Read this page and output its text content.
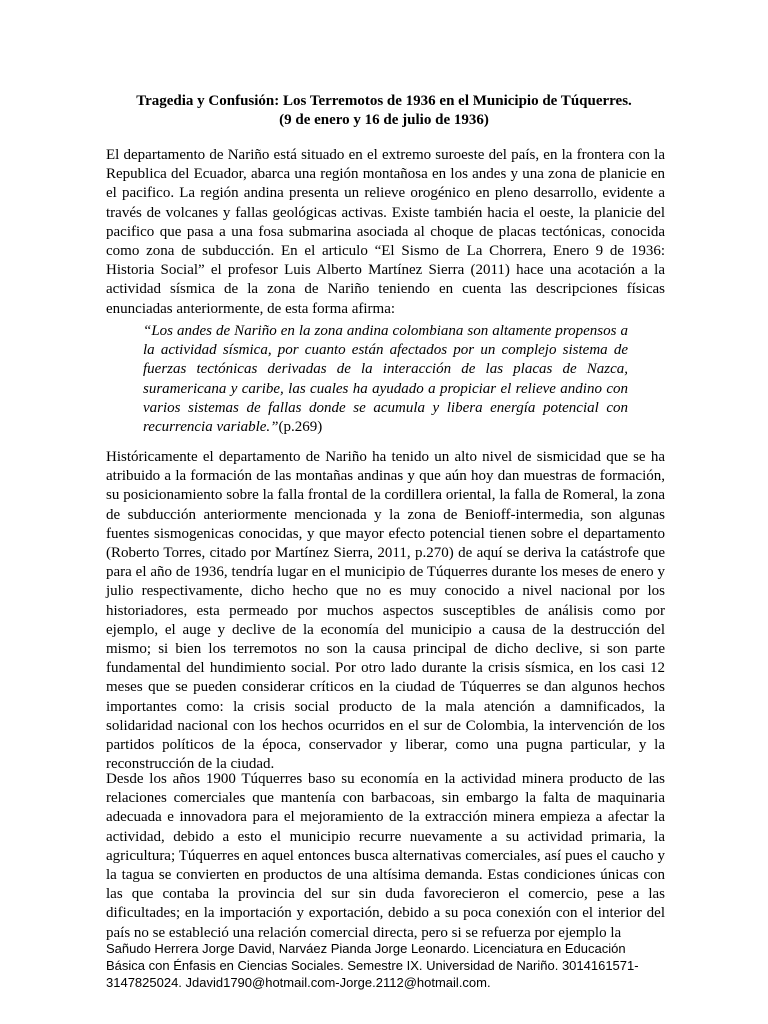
Tragedia y Confusión: Los Terremotos de 1936 en el Municipio de Túquerres.
(9 de enero y 16 de julio de 1936)

El departamento de Nariño está situado en el extremo suroeste del país, en la frontera con la Republica del Ecuador, abarca una región montañosa en los andes y una zona de planicie en el pacifico. La región andina presenta un relieve orogénico en pleno desarrollo, evidente a través de volcanes y fallas geológicas activas. Existe también hacia el oeste, la planicie del pacifico que pasa a una fosa submarina asociada al choque de placas tectónicas, conocida como zona de subducción. En el articulo “El Sismo de La Chorrera, Enero 9 de 1936: Historia Social” el profesor Luis Alberto Martínez Sierra (2011) hace una acotación a la actividad sísmica de la zona de Nariño teniendo en cuenta las descripciones físicas enunciadas anteriormente, de esta forma afirma:

“Los andes de Nariño en la zona andina colombiana son altamente propensos a la actividad sísmica, por cuanto están afectados por un complejo sistema de fuerzas tectónicas derivadas de la interacción de las placas de Nazca, suramericana y caribe, las cuales ha ayudado a propiciar el relieve andino con varios sistemas de fallas donde se acumula y libera energía potencial con recurrencia variable.”(p.269)

Históricamente el departamento de Nariño ha tenido un alto nivel de sismicidad que se ha atribuido a la formación de las montañas andinas y que aún hoy dan muestras de formación, su posicionamiento sobre la falla frontal de la cordillera oriental, la falla de Romeral, la zona de subducción anteriormente mencionada y la zona de Benioff-intermedia, son algunas fuentes sismogenicas conocidas, y que mayor efecto potencial tienen sobre el departamento (Roberto Torres, citado por Martínez Sierra, 2011, p.270) de aquí se deriva la catástrofe que para el año de 1936, tendría lugar en el municipio de Túquerres durante los meses de enero y julio respectivamente, dicho hecho que no es muy conocido a nivel nacional por los historiadores, esta permeado por muchos aspectos susceptibles de análisis como por ejemplo, el auge y declive de la economía del municipio a causa de la destrucción del mismo; si bien los terremotos no son la causa principal de dicho declive, si son parte fundamental del hundimiento social. Por otro lado durante la crisis sísmica, en los casi 12 meses que se pueden considerar críticos en la ciudad de Túquerres se dan algunos hechos importantes como: la crisis social producto de la mala atención a damnificados, la solidaridad nacional con los hechos ocurridos en el sur de Colombia, la intervención de los partidos políticos de la época, conservador y liberar, como una pugna particular, y la reconstrucción de la ciudad.

Desde los años 1900 Túquerres baso su economía en la actividad minera producto de las relaciones comerciales que mantenía con barbacoas, sin embargo la falta de maquinaria adecuada e innovadora para el mejoramiento de la extracción minera empieza a afectar la actividad, debido a esto el municipio recurre nuevamente a su actividad primaria, la agricultura; Túquerres en aquel entonces busca alternativas comerciales, así pues el caucho y la tagua se convierten en productos de una altísima demanda. Estas condiciones únicas con las que contaba la provincia del sur sin duda favorecieron el comercio, pese a las dificultades; en la importación y exportación, debido a su poca conexión con el interior del país no se estableció una relación comercial directa, pero si se refuerza por ejemplo la

Sañudo Herrera Jorge David, Narváez Pianda Jorge Leonardo. Licenciatura en Educación Básica con Énfasis en Ciencias Sociales. Semestre IX. Universidad de Nariño. 3014161571-3147825024. Jdavid1790@hotmail.com-Jorge.2112@hotmail.com.
